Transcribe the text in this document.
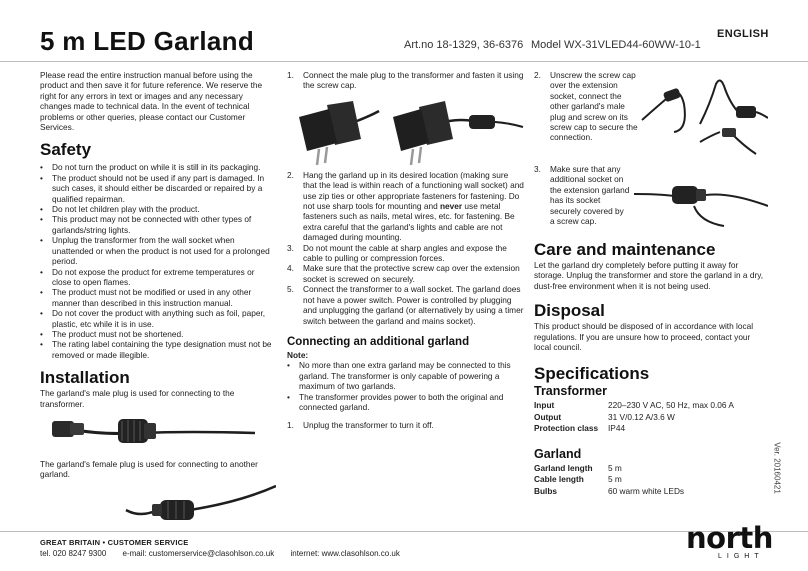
5 m LED Garland	Art.no 18-1329, 36-6376 Model WX-31VLED44-60WW-10-1
ENGLISH

Please read the entire instruction manual before using the product and then save it for future reference. We reserve the right for any errors in text or images and any necessary changes made to technical data. In the event of technical problems or other queries, please contact our Customer Services.

Safety
• Do not turn the product on while it is still in its packaging.
• The product should not be used if any part is damaged. In such cases, it should either be discarded or repaired by a qualified repairman.
• Do not let children play with the product.
• This product may not be connected with other types of garlands/string lights.
• Unplug the transformer from the wall socket when unattended or when the product is not used for a prolonged period.
• Do not expose the product for extreme temperatures or close to open flames.
• The product must not be modified or used in any other manner than described in this instruction manual.
• Do not cover the product with anything such as foil, paper, plastic, etc while it is in use.
• The product must not be shortened.
• The rating label containing the type designation must not be removed or made illegible.
Installation

The garland's male plug is used for connecting to the transformer.

The garland's female plug is used for connecting to another garland.

1. Connect the male plug to the transformer and fasten it using the screw cap.
2. Hang the garland up in its desired location (making sure that the lead is within reach of a functioning wall socket) and use zip ties or other appropriate fasteners for fastening. Do not use sharp tools for mounting and never use metal fasteners such as nails, metal wires, etc. for fastening. Be extra careful that the garland's lights and cable are not damaged during mounting.
3. Do not mount the cable at sharp angles and expose the cable to pulling or compression forces.
4. Make sure that the protective screw cap over the extension socket is screwed on securely.
5. Connect the transformer to a wall socket. The garland does not have a power switch. Power is controlled by plugging and unplugging the garland (or alternatively by using a timer switch between the garland and mains socket).
Connecting an additional garland

Note:

• No more than one extra garland may be connected to this garland. The transformer is only capable of powering a maximum of two garlands.
• The transformer provides power to both the original and connected garland.
1. Unplug the transformer to turn it off.
2. Unscrew the screw cap over the extension socket, connect the other garland's male plug and screw on its screw cap to secure the connection.
3. Make sure that any additional socket on the extension garland has its socket securely covered by a screw cap.
Care and maintenance

Let the garland dry completely before putting it away for storage. Unplug the transformer and store the garland in a dry, dust-free environment when it is not being used.

Disposal

This product should be disposed of in accordance with local regulations. If you are unsure how to proceed, contact your local council.

Specifications
Transformer
Input	220–230 V AC, 50 Hz, max 0.06 A
Output	31 V/0.12 A/3.6 W
Protection class	IP44
Garland
Garland length	5 m
Cable length	5 m
Bulbs	60 warm white LEDs	Ver. 20160421
GREAT BRITAIN • CUSTOMER SERVICE
tel. 020 8247 9300 e-mail: customerservice@clasohlson.co.uk internet: www.clasohlson.co.uk	north
LIGHT
